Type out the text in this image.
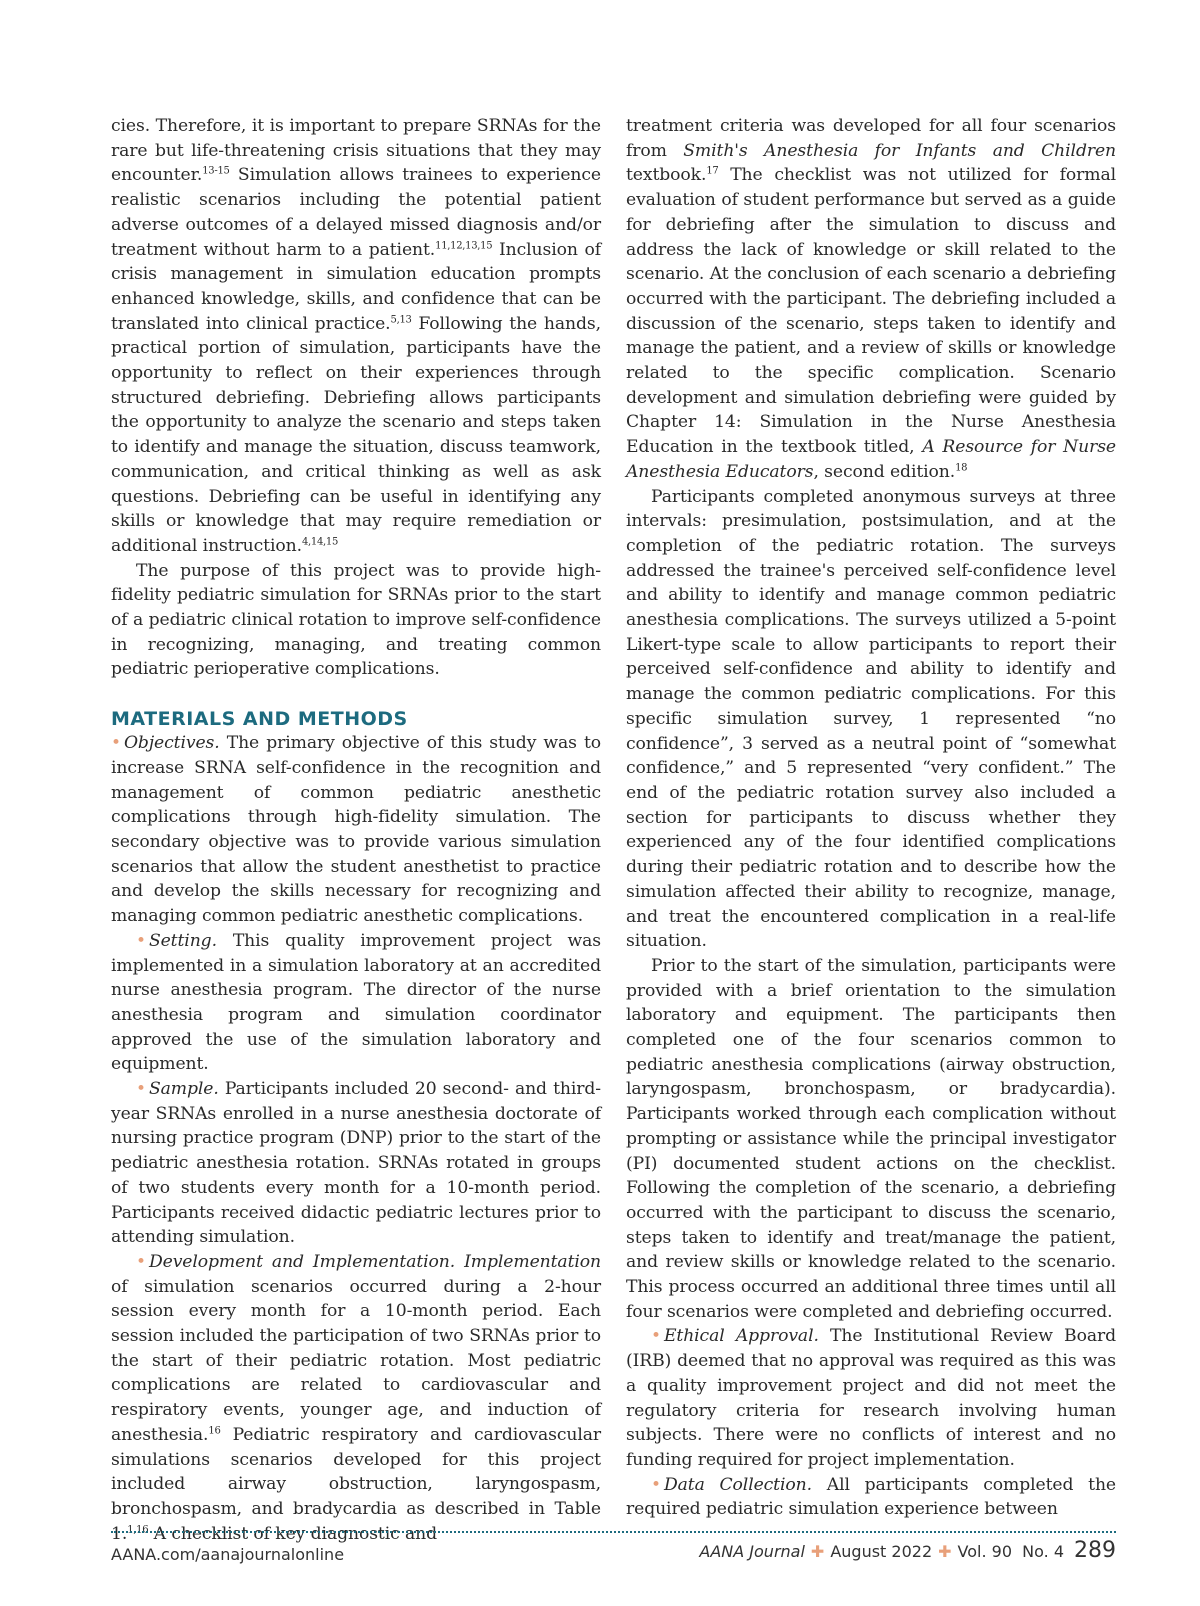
cies. Therefore, it is important to prepare SRNAs for the rare but life-threatening crisis situations that they may encounter.$^{13-15}$ Simulation allows trainees to experience realistic scenarios including the potential patient adverse outcomes of a delayed missed diagnosis and/or treatment without harm to a patient.$^{11,12,13,15}$ Inclusion of crisis management in simulation education prompts enhanced knowledge, skills, and confidence that can be translated into clinical practice.$^{5,13}$ Following the hands, practical portion of simulation, participants have the opportunity to reflect on their experiences through structured debriefing. Debriefing allows participants the opportunity to analyze the scenario and steps taken to identify and manage the situation, discuss teamwork, communication, and critical thinking as well as ask questions. Debriefing can be useful in identifying any skills or knowledge that may require remediation or additional instruction.$^{4,14,15}$

The purpose of this project was to provide high-fidelity pediatric simulation for SRNAs prior to the start of a pediatric clinical rotation to improve self-confidence in recognizing, managing, and treating common pediatric perioperative complications.

MATERIALS AND METHODS

• Objectives. The primary objective of this study was to increase SRNA self-confidence in the recognition and management of common pediatric anesthetic complications through high-fidelity simulation. The secondary objective was to provide various simulation scenarios that allow the student anesthetist to practice and develop the skills necessary for recognizing and managing common pediatric anesthetic complications.

• Setting. This quality improvement project was implemented in a simulation laboratory at an accredited nurse anesthesia program. The director of the nurse anesthesia program and simulation coordinator approved the use of the simulation laboratory and equipment.

• Sample. Participants included 20 second- and third-year SRNAs enrolled in a nurse anesthesia doctorate of nursing practice program (DNP) prior to the start of the pediatric anesthesia rotation. SRNAs rotated in groups of two students every month for a 10-month period. Participants received didactic pediatric lectures prior to attending simulation.

• Development and Implementation. Implementation of simulation scenarios occurred during a 2-hour session every month for a 10-month period. Each session included the participation of two SRNAs prior to the start of their pediatric rotation. Most pediatric complications are related to cardiovascular and respiratory events, younger age, and induction of anesthesia.$^{16}$ Pediatric respiratory and cardiovascular simulations scenarios developed for this project included airway obstruction, laryngospasm, bronchospasm, and bradycardia as described in Table 1.$^{1,16}$ A checklist of key diagnostic and

treatment criteria was developed for all four scenarios from Smith's Anesthesia for Infants and Children textbook.$^{17}$ The checklist was not utilized for formal evaluation of student performance but served as a guide for debriefing after the simulation to discuss and address the lack of knowledge or skill related to the scenario. At the conclusion of each scenario a debriefing occurred with the participant. The debriefing included a discussion of the scenario, steps taken to identify and manage the patient, and a review of skills or knowledge related to the specific complication. Scenario development and simulation debriefing were guided by Chapter 14: Simulation in the Nurse Anesthesia Education in the textbook titled, A Resource for Nurse Anesthesia Educators, second edition.$^{18}$

Participants completed anonymous surveys at three intervals: presimulation, postsimulation, and at the completion of the pediatric rotation. The surveys addressed the trainee's perceived self-confidence level and ability to identify and manage common pediatric anesthesia complications. The surveys utilized a 5-point Likert-type scale to allow participants to report their perceived self-confidence and ability to identify and manage the common pediatric complications. For this specific simulation survey, 1 represented “no confidence”, 3 served as a neutral point of “somewhat confidence,” and 5 represented “very confident.” The end of the pediatric rotation survey also included a section for participants to discuss whether they experienced any of the four identified complications during their pediatric rotation and to describe how the simulation affected their ability to recognize, manage, and treat the encountered complication in a real-life situation.

Prior to the start of the simulation, participants were provided with a brief orientation to the simulation laboratory and equipment. The participants then completed one of the four scenarios common to pediatric anesthesia complications (airway obstruction, laryngospasm, bronchospasm, or bradycardia). Participants worked through each complication without prompting or assistance while the principal investigator (PI) documented student actions on the checklist. Following the completion of the scenario, a debriefing occurred with the participant to discuss the scenario, steps taken to identify and treat/manage the patient, and review skills or knowledge related to the scenario. This process occurred an additional three times until all four scenarios were completed and debriefing occurred.

• Ethical Approval. The Institutional Review Board (IRB) deemed that no approval was required as this was a quality improvement project and did not meet the regulatory criteria for research involving human subjects. There were no conflicts of interest and no funding required for project implementation.

• Data Collection. All participants completed the required pediatric simulation experience between

AANA.com/aanajournalonline	AANA Journal ✚ August 2022 ✚ Vol. 90  No. 4 289
